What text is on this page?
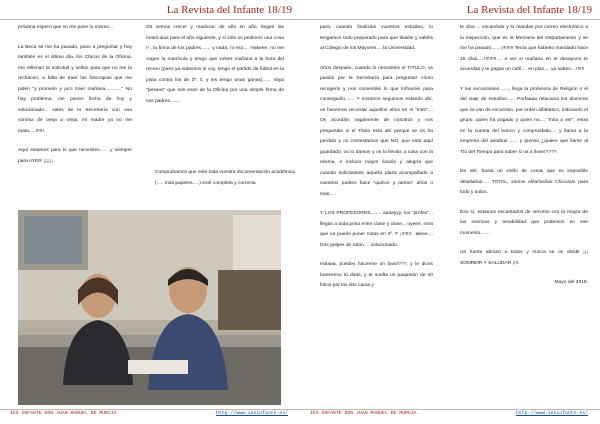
La Revista del Infante 18/19

próxima espero que no me pase lo mismo...

La Beca se me ha pasado, paso a preguntar y hoy también es el último día, los Chicos de la Oficina, me rellenan la solicitud y sellan para que no me la rechacen, a falta de traer las fotocopias que me piden "y prometo y juro traer mañana............" No hay problema, me ponen fecha de hoy y solucionado... sales de la Secretaría con una sonrisa de oreja a oreja, mi madre ya no me mata.....!!!!!!.

Aquí estamos para lo que necesites...... y siempre para AYER ¡¡¡¡¡¡

Os vemos crecer y madurar; de año en año, llegan las matrículas para el año siguiente, y si sólo os pedimos una cosa !! , la firma de los padres....... y nada, ni eso.... Hakeee, no me cogen la matrícula y tengo que volver mañana a la hora del recreo (pues ya sabemos si voy, tengo el partido de fútbol en la pista contra los de 3º. C y les tengo unas ganas)...... Vaya "pesaos" que son esos de la Oficina por una simple firma de mis padres........

Comprobamos que esté toda vuestra documentación académica (..... más papeles.....) esté completa y correcta
IES INFANTE DON JUAN MANUEL DE MURCIA	http://www.iesinfante.es/
La Revista del Infante 18/19

para, cuando finalizáis vuestros estudios, lo tengamos todo preparado para que tituléis y saltéis al Colegio de los Mayores.....la Universidad.

Años después, cuando lo necesitéis el TÍTULO, os pasáis por la Secretaría para preguntar cómo recogerlo y nos comentáis lo que lo/hacéis para conseguirlo....... Y nosotros seguimos estando ahí, os hacemos recordar aquellos años en el "Insti".... Os acordáis vagamente de nosotros y nos preguntáis si el Título está ahí porque se os ha perdido y os contestamos que NO, que está aquí guardado, os lo damos y os lo lleváis a casa con la misma, e incluso mayor ilusión y alegría que cuando solicitasteis aquella plaza acompañado a vuestros padres hace "quince y tantos" años o más.....

Y LOS PROFESORES........ aaaayyy, los "profes"... llegan a toda prisa entre clase y clase... oyeee, mira que no puedo poner notas en 4º. F ¡!!!!!!!.. aleee.... Dos golpes de ratón.... solucionado.

Holaaa, puedes hacerme un favor???, y le dices bueeeeno tú dirás, y te suelta un paquetón de 40 folios por las dos caras y

te dice.... escanéalo y lo mandas por correo electrónico a la inspección, que es la Memoria del Departamento y se me ha pasado...... ¡!!!!!!!! Tenía que haberlo mandado hace 15 días.....!!!!!!!!!.... a ver si mañana en el desayuno te acuerdas y te pagas un café.... en plan.... ya sabes....!!!!!!

Y las excursiones......., llega la profesora de Religión o el del viaje de estudios...... Porfaaaa relaciona los alumnos que se van de excursión, por orden alfabético, indicando el grupo, quien ha pagado y quien no.... "mira a ver", entra en la cuenta del banco y compruébalo.... y llama a la empresa del autobús ...... y pienso ¿quiere que llame al Tío del Tiempo para saber si va a llover????.

De ahí, hasta un sinfín de cosas que es imposible detallarlas..... TOTAL, somos el/la/los/las Chico/a/s para todo y todos.

Eso sí, estamos encantados de serviros con la mayor de las sonrisas y amabilidad que podemos en ese momento.......

Un fuerte abrazo a todos y nunca se os olvide ¡¡¡ SONREIR Y SALUDAR ¡!!!.

Mayo del 2019.

IES INFANTE DON JUAN MANUEL DE MURCIA	http://www.iesinfante.es/
